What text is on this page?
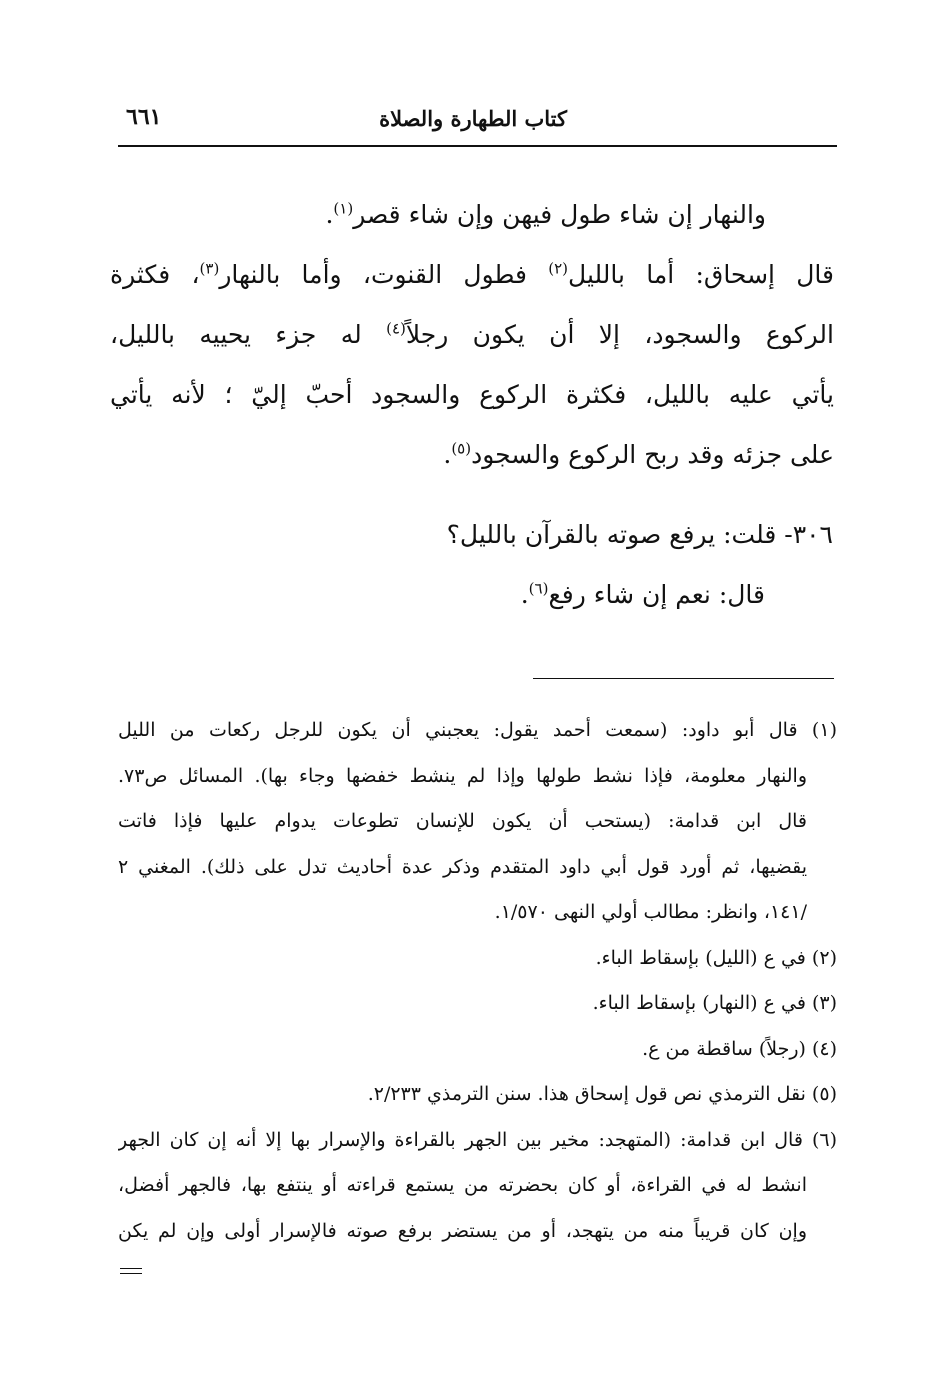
كتاب الطهارة والصلاة
٦٦١

والنهار إن شاء طول فيهن وإن شاء قصر$^{(١)}$.

قال إسحاق: أما بالليل$^{(٢)}$ فطول القنوت، وأما بالنهار$^{(٣)}$، فكثرة

الركوع والسجود، إلا أن يكون رجلاً$^{(٤)}$ له جزء يحييه بالليل،

يأتي عليه بالليل، فكثرة الركوع والسجود أحبّ إليّ ؛ لأنه يأتي

على جزئه وقد ربح الركوع والسجود$^{(٥)}$.

٣٠٦- قلت: يرفع صوته بالقرآن بالليل؟
قال: نعم إن شاء رفع$^{(٦)}$.

(١) قال أبو داود: (سمعت أحمد يقول: يعجبني أن يكون للرجل ركعات من الليل

والنهار معلومة، فإذا نشط طولها وإذا لم ينشط خفضها وجاء بها). المسائل ص٧٣.

قال ابن قدامة: (يستحب أن يكون للإنسان تطوعات يدوام عليها فإذا فاتت

يقضيها، ثم أورد قول أبي داود المتقدم وذكر عدة أحاديث تدل على ذلك). المغني ٢

/١٤١، وانظر: مطالب أولي النهى ١/٥٧٠.

(٢) في ع (الليل) بإسقاط الباء.

(٣) في ع (النهار) بإسقاط الباء.

(٤) (رجلاً) ساقطة من ع.

(٥) نقل الترمذي نص قول إسحاق هذا. سنن الترمذي ٢/٢٣٣.

(٦) قال ابن قدامة: (المتهجد: مخير بين الجهر بالقراءة والإسرار بها إلا أنه إن كان الجهر

انشط له في القراءة، أو كان بحضرته من يستمع قراءته أو ينتفع بها، فالجهر أفضل،

وإن كان قريباً منه من يتهجد، أو من يستضر برفع صوته فالإسرار أولى وإن لم يكن
